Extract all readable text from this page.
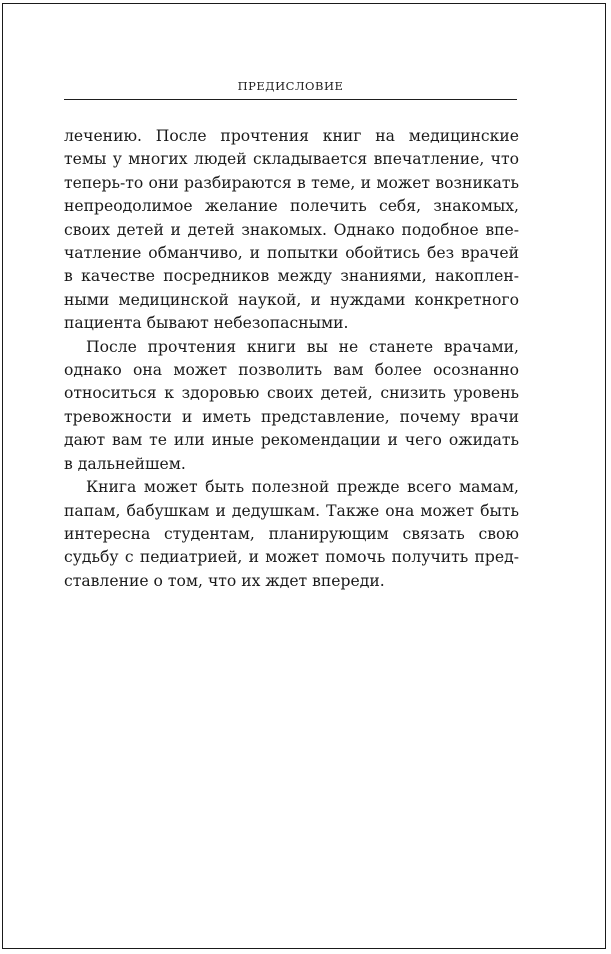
ПРЕДИСЛОВИЕ

лечению. После прочтения книг на медицинские
темы у многих людей складывается впечатление, что
теперь-то они разбираются в теме, и может возникать
непреодолимое желание полечить себя, знакомых,
своих детей и детей знакомых. Однако подобное впе-
чатление обманчиво, и попытки обойтись без врачей
в качестве посредников между знаниями, накоплен-
ными медицинской наукой, и нуждами конкретного
пациента бывают небезопасными.

После прочтения книги вы не станете врачами,
однако она может позволить вам более осознанно
относиться к здоровью своих детей, снизить уровень
тревожности и иметь представление, почему врачи
дают вам те или иные рекомендации и чего ожидать
в дальнейшем.

Книга может быть полезной прежде всего мамам,
папам, бабушкам и дедушкам. Также она может быть
интересна студентам, планирующим связать свою
судьбу с педиатрией, и может помочь получить пред-
ставление о том, что их ждет впереди.
